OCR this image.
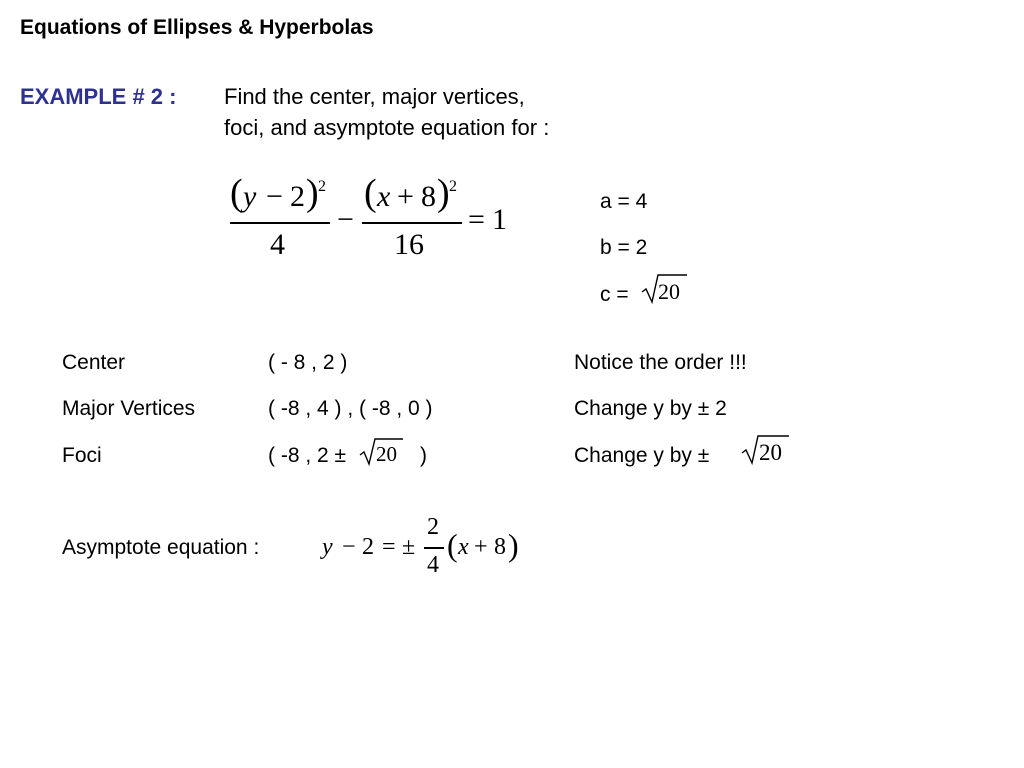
Equations of Ellipses & Hyperbolas
EXAMPLE # 2 : Find the center, major vertices,
foci, and asymptote equation for :
( y − 2 ) 2
4
−
( x + 8 ) 2
16
= 1
a = 4
b = 2
c = 20
Center	( - 8 , 2 )	Notice the order !!!
Major Vertices	( -8 , 4 ) , ( -8 , 0 )	Change y by ± 2
Foci	( -8 , 2 ± 20 )	Change y by ± 20
Asymptote equation :	y − 2 = ±
2
4
( x + 8 )
